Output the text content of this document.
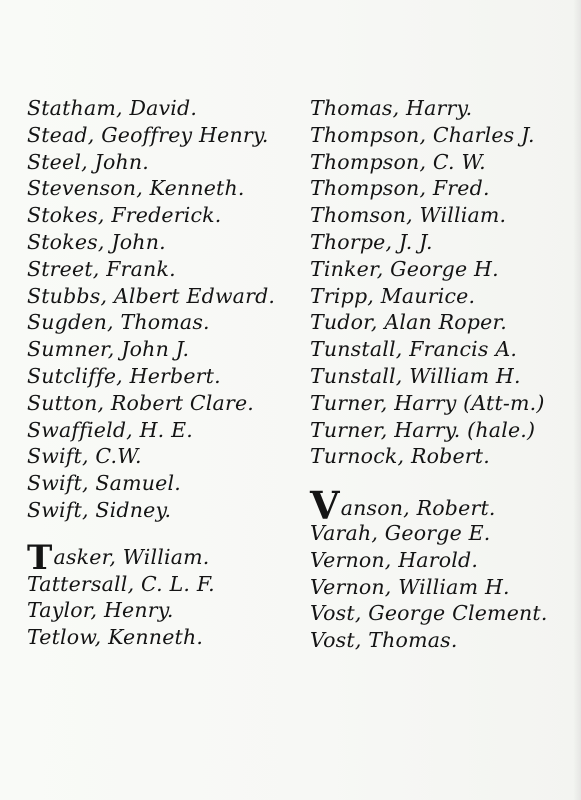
Statham, David.
Stead, Geoffrey Henry.
Steel, John.
Stevenson, Kenneth.
Stokes, Frederick.
Stokes, John.
Street, Frank.
Stubbs, Albert Edward.
Sugden, Thomas.
Sumner, John J.
Sutcliffe, Herbert.
Sutton, Robert Clare.
Swaffield, H. E.
Swift, C.W.
Swift, Samuel.
Swift, Sidney.
Tasker, William.
Tattersall, C. L. F.
Taylor, Henry.
Tetlow, Kenneth.
Thomas, Harry.
Thompson, Charles J.
Thompson, C. W.
Thompson, Fred.
Thomson, William.
Thorpe, J. J.
Tinker, George H.
Tripp, Maurice.
Tudor, Alan Roper.
Tunstall, Francis A.
Tunstall, William H.
Turner, Harry (Att-m.)
Turner, Harry. (hale.)
Turnock, Robert.
Vanson, Robert.
Varah, George E.
Vernon, Harold.
Vernon, William H.
Vost, George Clement.
Vost, Thomas.
